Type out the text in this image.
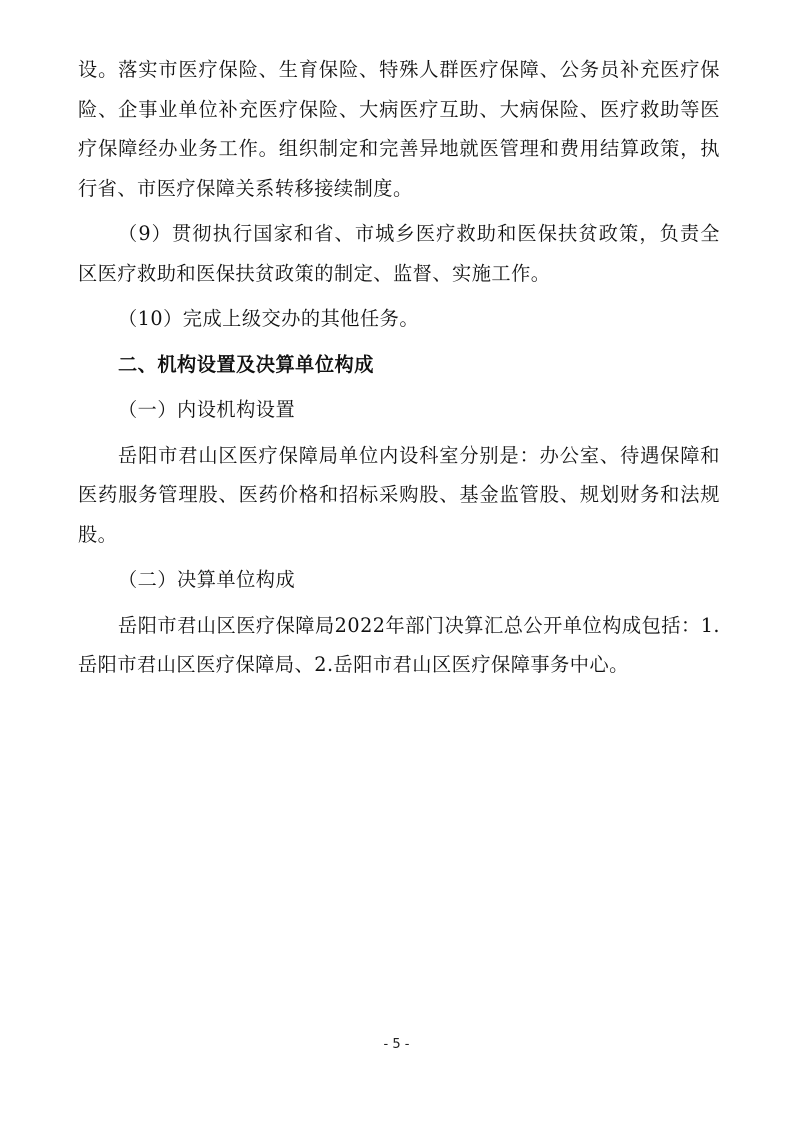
设。落实市医疗保险、生育保险、特殊人群医疗保障、公务员补充医疗保险、企事业单位补充医疗保险、大病医疗互助、大病保险、医疗救助等医疗保障经办业务工作。组织制定和完善异地就医管理和费用结算政策，执行省、市医疗保障关系转移接续制度。

（9）贯彻执行国家和省、市城乡医疗救助和医保扶贫政策，负责全区医疗救助和医保扶贫政策的制定、监督、实施工作。

（10）完成上级交办的其他任务。

二、机构设置及决算单位构成

（一）内设机构设置

岳阳市君山区医疗保障局单位内设科室分别是：办公室、待遇保障和医药服务管理股、医药价格和招标采购股、基金监管股、规划财务和法规股。

（二）决算单位构成

岳阳市君山区医疗保障局2022年部门决算汇总公开单位构成包括：1.岳阳市君山区医疗保障局、2.岳阳市君山区医疗保障事务中心。

- 5 -
